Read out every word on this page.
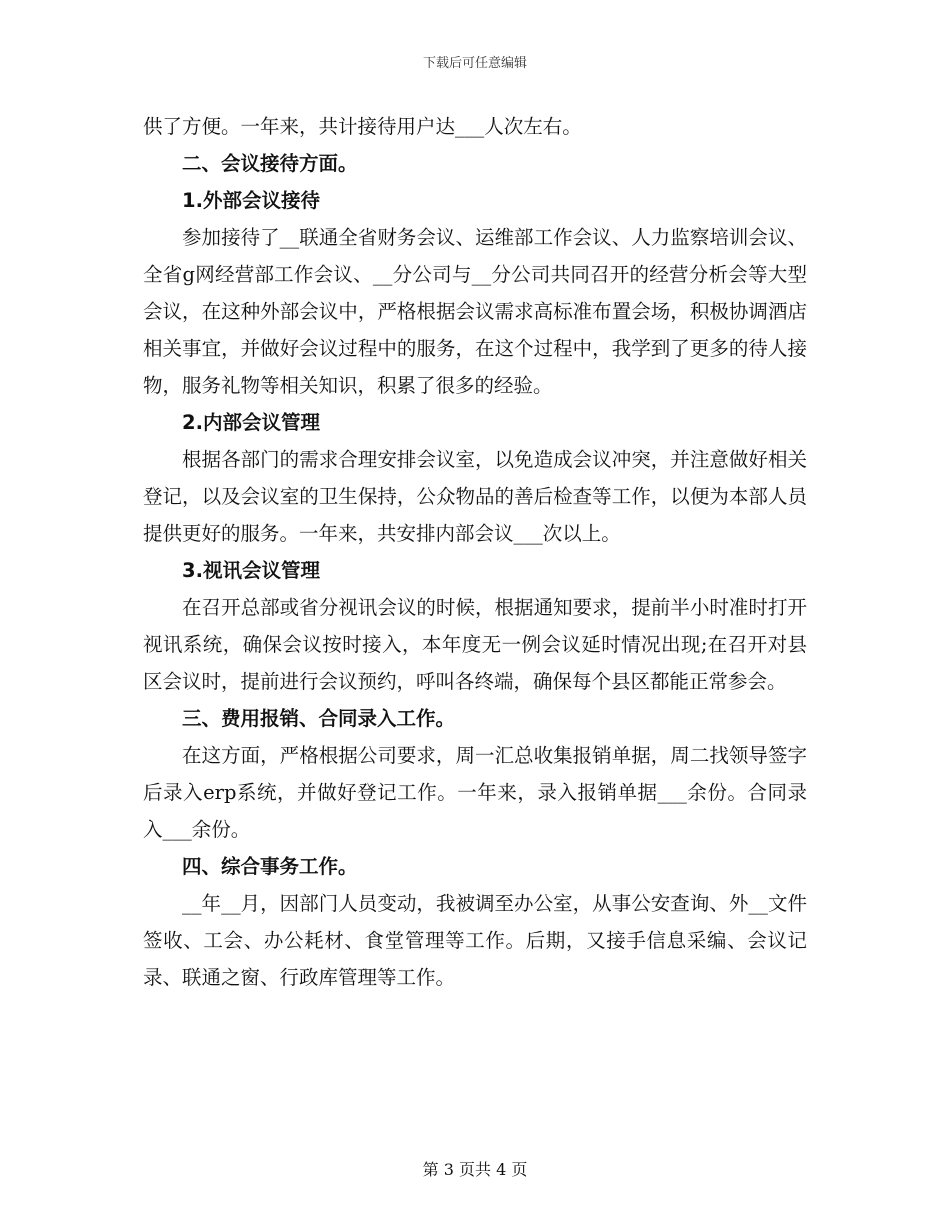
下载后可任意编辑

供了方便。一年来，共计接待用户达___人次左右。

二、会议接待方面。
1.外部会议接待

参加接待了__联通全省财务会议、运维部工作会议、人力监察培训会议、全省g网经营部工作会议、__分公司与__分公司共同召开的经营分析会等大型会议，在这种外部会议中，严格根据会议需求高标准布置会场，积极协调酒店相关事宜，并做好会议过程中的服务，在这个过程中，我学到了更多的待人接物，服务礼物等相关知识，积累了很多的经验。

2.内部会议管理

根据各部门的需求合理安排会议室，以免造成会议冲突，并注意做好相关登记，以及会议室的卫生保持，公众物品的善后检查等工作，以便为本部人员提供更好的服务。一年来，共安排内部会议___次以上。

3.视讯会议管理

在召开总部或省分视讯会议的时候，根据通知要求，提前半小时准时打开视讯系统，确保会议按时接入，本年度无一例会议延时情况出现;在召开对县区会议时，提前进行会议预约，呼叫各终端，确保每个县区都能正常参会。

三、费用报销、合同录入工作。

在这方面，严格根据公司要求，周一汇总收集报销单据，周二找领导签字后录入erp系统，并做好登记工作。一年来，录入报销单据___余份。合同录入___余份。

四、综合事务工作。

__年__月，因部门人员变动，我被调至办公室，从事公安查询、外__文件签收、工会、办公耗材、食堂管理等工作。后期，又接手信息采编、会议记录、联通之窗、行政库管理等工作。

第 3 页共 4 页
